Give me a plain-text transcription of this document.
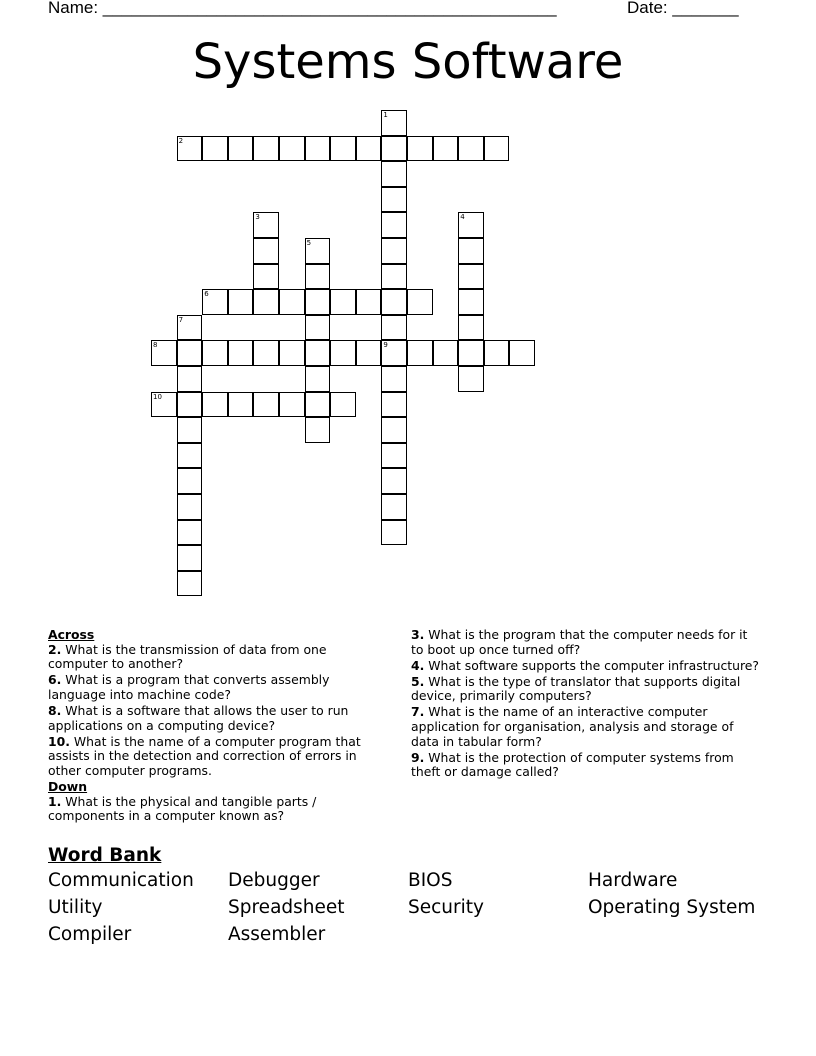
Name: ________________________________________________	Date: _______
Systems Software
1
9
2
3	4
5
6
7
8
10
Across
2. What is the transmission of data from one computer to another?
6. What is a program that converts assembly language into machine code?
8. What is a software that allows the user to run applications on a computing device?
10. What is the name of a computer program that assists in the detection and correction of errors in other computer programs.
Down
1. What is the physical and tangible parts / components in a computer known as?
3. What is the program that the computer needs for it to boot up once turned off?
4. What software supports the computer infrastructure?
5. What is the type of translator that supports digital device, primarily computers?
7. What is the name of an interactive computer application for organisation, analysis and storage of data in tabular form?
9. What is the protection of computer systems from theft or damage called?
Word Bank
Communication	Debugger	BIOS	Hardware
Utility	Spreadsheet	Security	Operating System
Compiler	Assembler
